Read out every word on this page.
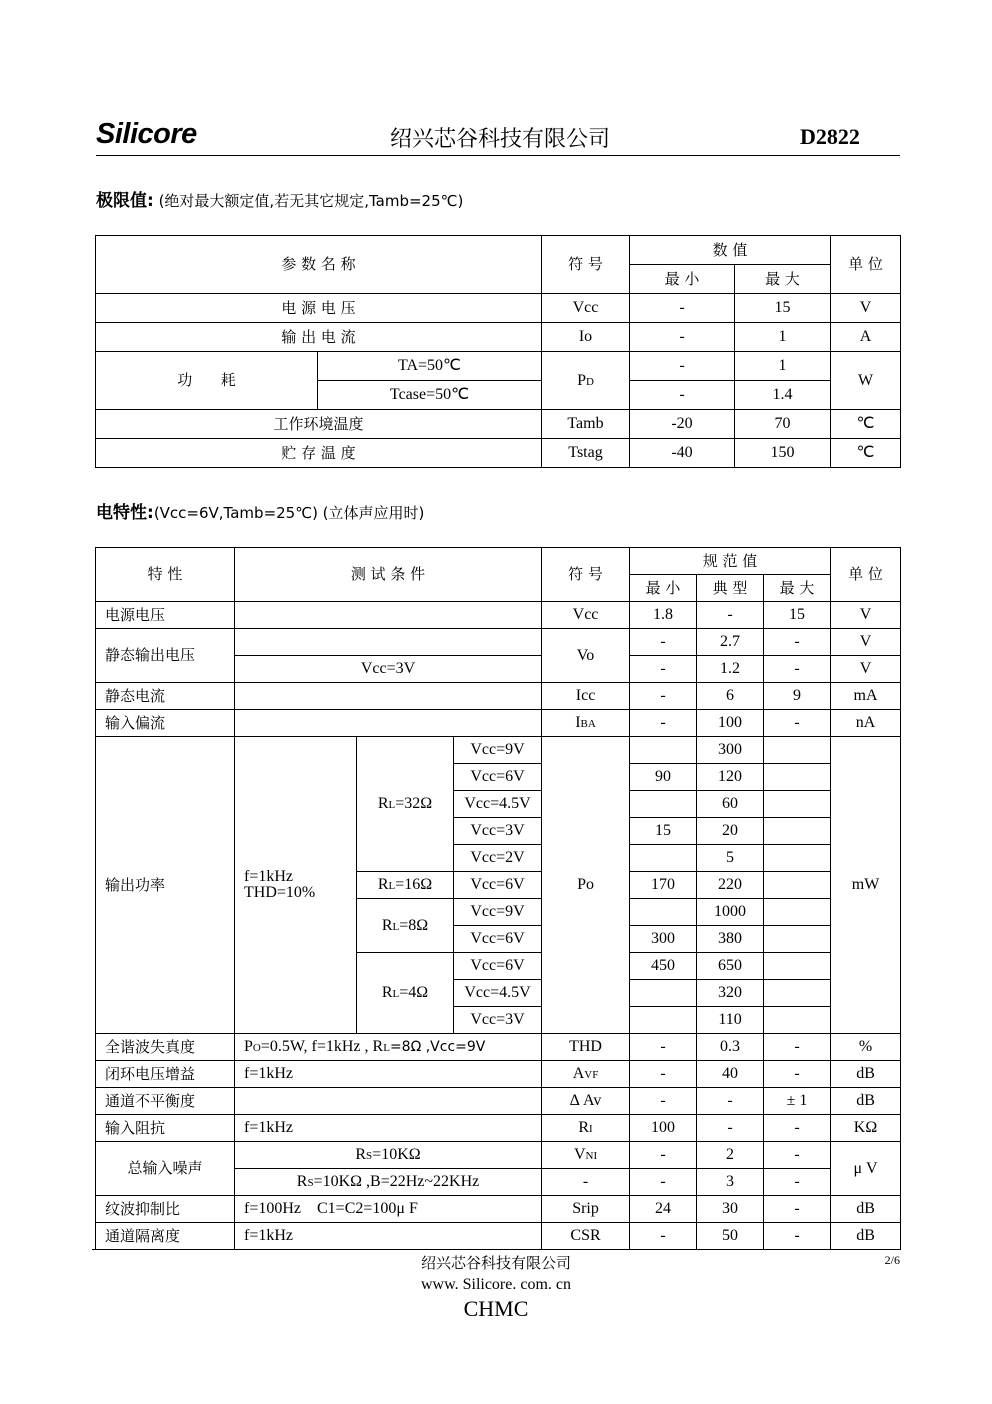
Silicore	绍兴芯谷科技有限公司	D2822
极限值: (绝对最大额定值,若无其它规定,Tamb=25℃)
参 数 名 称		符 号	数 值		单 位
			最 小	最 大	
电 源 电 压		Vcc	-	15	V
输 出 电 流		Io	-	1	A
功      耗	TA=50℃	PD	-	1	W
	Tcase=50℃		-	1.4	
工作环境温度		Tamb	-20	70	℃
贮 存 温 度		Tstag	-40	150	℃
电特性:(Vcc=6V,Tamb=25℃) (立体声应用时)
特 性	测 试 条 件			符 号	规 范 值			单 位
					最 小	典 型	最 大	
电源电压				Vcc	1.8	-	15	V
静态输出电压				Vo	-	2.7	-	V
	Vcc=3V				-	1.2	-	V
静态电流				Icc	-	6	9	mA
输入偏流				IBA	-	100	-	nA
输出功率	f=1kHz
THD=10%	RL=32Ω	Vcc=9V	Po		300		mW
			Vcc=6V		90	120		
			Vcc=4.5V			60		
			Vcc=3V		15	20		
			Vcc=2V			5		
		RL=16Ω	Vcc=6V		170	220		
		RL=8Ω	Vcc=9V			1000		
			Vcc=6V		300	380		
		RL=4Ω	Vcc=6V		450	650		
			Vcc=4.5V			320		
			Vcc=3V			110		
全谐波失真度	PO=0.5W, f=1kHz , RL=8Ω ,Vcc=9V			THD	-	0.3	-	%
闭环电压增益	f=1kHz			AVF	-	40	-	dB
通道不平衡度				Δ Av	-	-	± 1	dB
输入阻抗	f=1kHz			RI	100	-	-	KΩ
总输入噪声	RS=10KΩ			VNI	-	2	-	μ V
	RS=10KΩ ,B=22Hz~22KHz			-	-	3	-	
纹波抑制比	f=100Hz    C1=C2=100μ F			Srip	24	30	-	dB
通道隔离度	f=1kHz			CSR	-	50	-	dB
绍兴芯谷科技有限公司
www. Silicore. com. cn
CHMC
2/6
